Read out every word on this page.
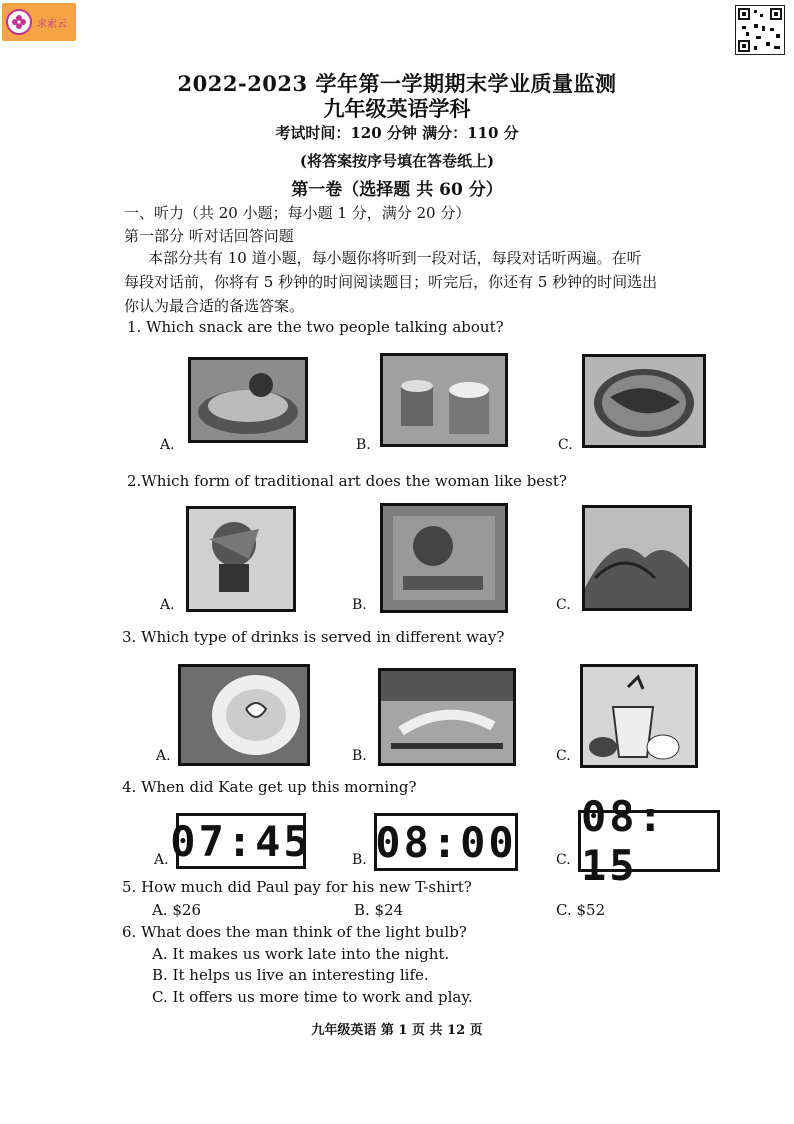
求索云
2022-2023 学年第一学期期末学业质量监测
九年级英语学科
考试时间：120 分钟 满分：110 分
(将答案按序号填在答卷纸上)
第一卷（选择题 共 60 分）
一、听力（共 20 小题；每小题 1 分，满分 20 分）
第一部分 听对话回答问题
本部分共有 10 道小题，每小题你将听到一段对话，每段对话听两遍。在听
每段对话前，你将有 5 秒钟的时间阅读题目；听完后，你还有 5 秒钟的时间选出
你认为最合适的备选答案。
1. Which snack are the two people talking about?
A.	B.	C.
2.Which form of traditional art does the woman like best?
A.	B.	C.
3. Which type of drinks is served in different way?
A.	B.	C.
4. When did Kate get up this morning?
A. 07:45	B. 08:00	C.
08: 15
5. How much did Paul pay for his new T-shirt?
A. $26	B. $24	C. $52
6. What does the man think of the light bulb?
A. It makes us work late into the night.
B. It helps us live an interesting life.
C. It offers us more time to work and play.
九年级英语 第 1 页 共 12 页
